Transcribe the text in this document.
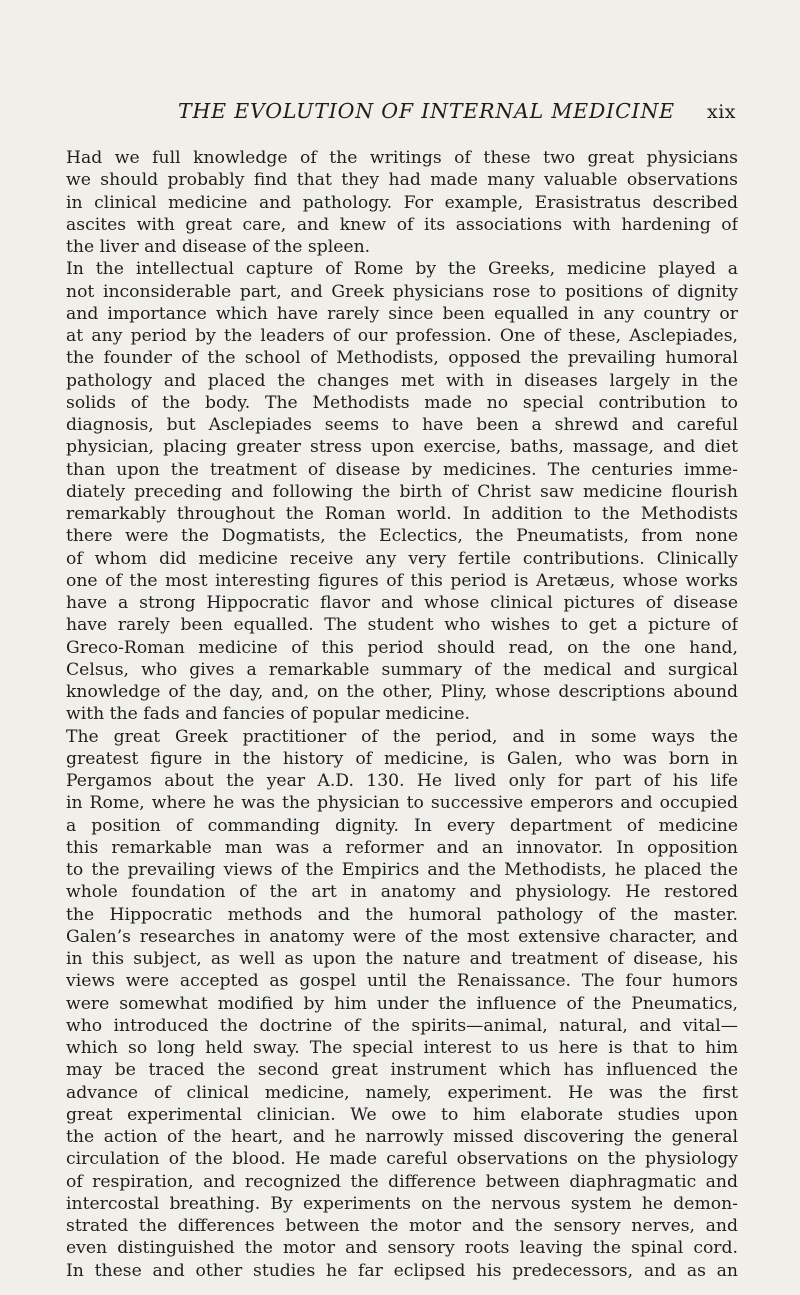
THE EVOLUTION OF INTERNAL MEDICINE xix
Had we full knowledge of the writings of these two great physicians
we should probably find that they had made many valuable observations
in clinical medicine and pathology. For example, Erasistratus described
ascites with great care, and knew of its associations with hardening of
the liver and disease of the spleen.
In the intellectual capture of Rome by the Greeks, medicine played a
not inconsiderable part, and Greek physicians rose to positions of dignity
and importance which have rarely since been equalled in any country or
at any period by the leaders of our profession. One of these, Asclepiades,
the founder of the school of Methodists, opposed the prevailing humoral
pathology and placed the changes met with in diseases largely in the
solids of the body. The Methodists made no special contribution to
diagnosis, but Asclepiades seems to have been a shrewd and careful
physician, placing greater stress upon exercise, baths, massage, and diet
than upon the treatment of disease by medicines. The centuries imme-
diately preceding and following the birth of Christ saw medicine flourish
remarkably throughout the Roman world. In addition to the Methodists
there were the Dogmatists, the Eclectics, the Pneumatists, from none
of whom did medicine receive any very fertile contributions. Clinically
one of the most interesting figures of this period is Aretæus, whose works
have a strong Hippocratic flavor and whose clinical pictures of disease
have rarely been equalled. The student who wishes to get a picture of
Greco-Roman medicine of this period should read, on the one hand,
Celsus, who gives a remarkable summary of the medical and surgical
knowledge of the day, and, on the other, Pliny, whose descriptions abound
with the fads and fancies of popular medicine.
The great Greek practitioner of the period, and in some ways the
greatest figure in the history of medicine, is Galen, who was born in
Pergamos about the year A.D. 130. He lived only for part of his life
in Rome, where he was the physician to successive emperors and occupied
a position of commanding dignity. In every department of medicine
this remarkable man was a reformer and an innovator. In opposition
to the prevailing views of the Empirics and the Methodists, he placed the
whole foundation of the art in anatomy and physiology. He restored
the Hippocratic methods and the humoral pathology of the master.
Galen’s researches in anatomy were of the most extensive character, and
in this subject, as well as upon the nature and treatment of disease, his
views were accepted as gospel until the Renaissance. The four humors
were somewhat modified by him under the influence of the Pneumatics,
who introduced the doctrine of the spirits—animal, natural, and vital—
which so long held sway. The special interest to us here is that to him
may be traced the second great instrument which has influenced the
advance of clinical medicine, namely, experiment. He was the first
great experimental clinician. We owe to him elaborate studies upon
the action of the heart, and he narrowly missed discovering the general
circulation of the blood. He made careful observations on the physiology
of respiration, and recognized the difference between diaphragmatic and
intercostal breathing. By experiments on the nervous system he demon-
strated the differences between the motor and the sensory nerves, and
even distinguished the motor and sensory roots leaving the spinal cord.
In these and other studies he far eclipsed his predecessors, and as an
